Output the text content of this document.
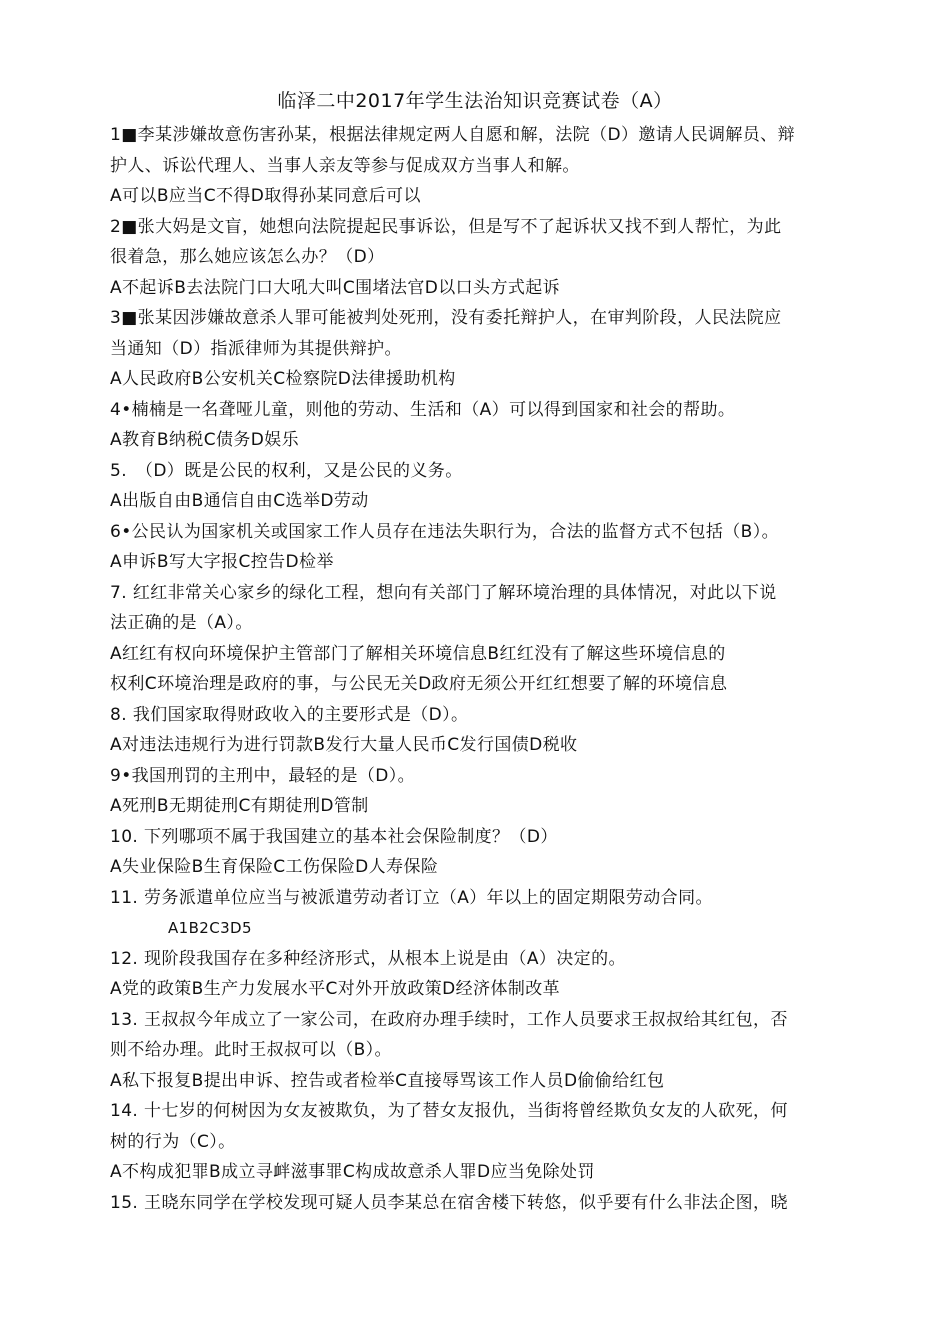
临泽二中2017年学生法治知识竞赛试卷（A）
1■李某涉嫌故意伤害孙某，根据法律规定两人自愿和解，法院（D）邀请人民调解员、辩
护人、诉讼代理人、当事人亲友等参与促成双方当事人和解。
A可以B应当C不得D取得孙某同意后可以
2■张大妈是文盲，她想向法院提起民事诉讼，但是写不了起诉状又找不到人帮忙，为此
很着急，那么她应该怎么办？（D）
A不起诉B去法院门口大吼大叫C围堵法官D以口头方式起诉
3■张某因涉嫌故意杀人罪可能被判处死刑，没有委托辩护人，在审判阶段，人民法院应
当通知（D）指派律师为其提供辩护。
A人民政府B公安机关C检察院D法律援助机构
4•楠楠是一名聋哑儿童，则他的劳动、生活和（A）可以得到国家和社会的帮助。
A教育B纳税C债务D娱乐
5.　（D）既是公民的权利，又是公民的义务。
A出版自由B通信自由C选举D劳动
6•公民认为国家机关或国家工作人员存在违法失职行为，合法的监督方式不包括（B）。
A申诉B写大字报C控告D检举
7. 红红非常关心家乡的绿化工程，想向有关部门了解环境治理的具体情况，对此以下说
法正确的是（A）。
A红红有权向环境保护主管部门了解相关环境信息B红红没有了解这些环境信息的
权利C环境治理是政府的事，与公民无关D政府无须公开红红想要了解的环境信息
8. 我们国家取得财政收入的主要形式是（D）。
A对违法违规行为进行罚款B发行大量人民币C发行国债D税收
9•我国刑罚的主刑中，最轻的是（D）。
A死刑B无期徒刑C有期徒刑D管制
10. 下列哪项不属于我国建立的基本社会保险制度？（D）
A失业保险B生育保险C工伤保险D人寿保险
11. 劳务派遣单位应当与被派遣劳动者订立（A）年以上的固定期限劳动合同。
A1B2C3D5
12. 现阶段我国存在多种经济形式，从根本上说是由（A）决定的。
A党的政策B生产力发展水平C对外开放政策D经济体制改革
13. 王叔叔今年成立了一家公司，在政府办理手续时，工作人员要求王叔叔给其红包，否
则不给办理。此时王叔叔可以（B）。
A私下报复B提出申诉、控告或者检举C直接辱骂该工作人员D偷偷给红包
14. 十七岁的何树因为女友被欺负，为了替女友报仇，当街将曾经欺负女友的人砍死，何
树的行为（C）。
A不构成犯罪B成立寻衅滋事罪C构成故意杀人罪D应当免除处罚
15. 王晓东同学在学校发现可疑人员李某总在宿舍楼下转悠，似乎要有什么非法企图，晓
